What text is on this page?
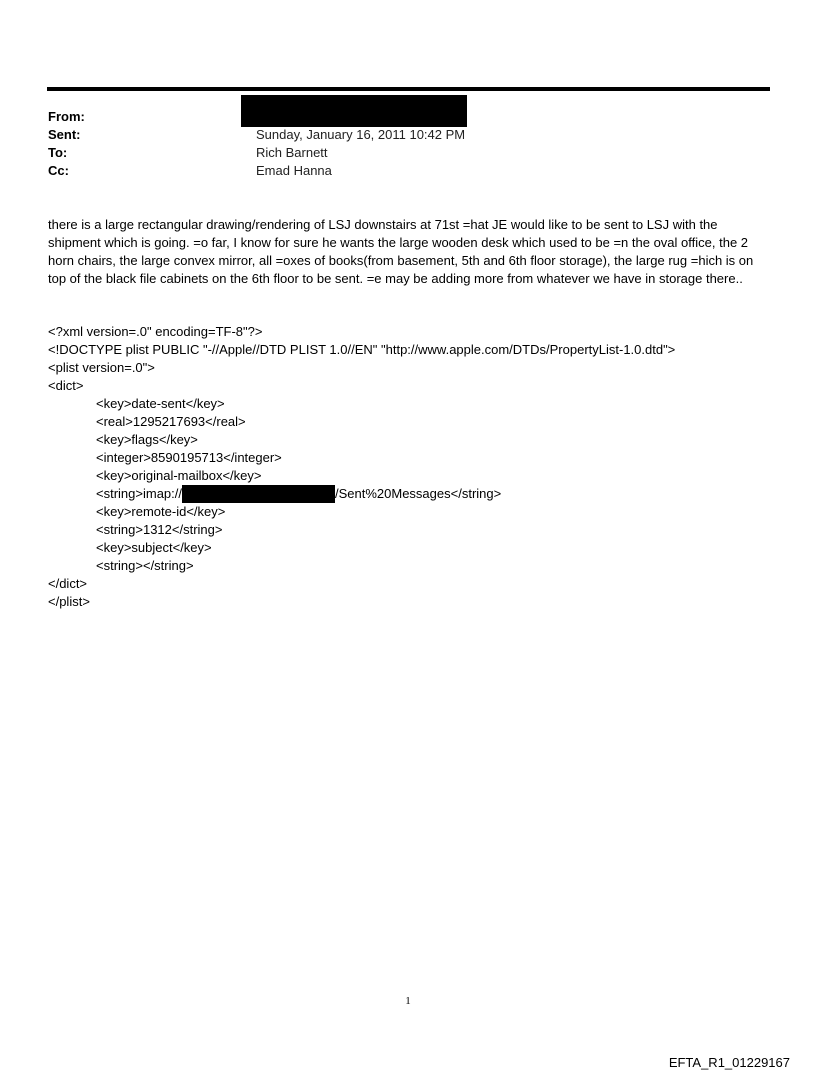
From:
Sent:	Sunday, January 16, 2011 10:42 PM
To:	Rich Barnett
Cc:	Emad Hanna

there is a large rectangular drawing/rendering of LSJ downstairs at 71st =hat JE would like to be sent to LSJ with the shipment which is going. =o far, I know for sure he wants the large wooden desk which used to be =n the oval office, the 2 horn chairs, the large convex mirror, all =oxes of books(from basement, 5th and 6th floor storage), the large rug =hich is on top of the black file cabinets on the 6th floor to be sent. =e may be adding more from whatever we have in storage there..

<?xml version=.0" encoding=TF-8"?>
<!DOCTYPE plist PUBLIC "-//Apple//DTD PLIST 1.0//EN" "http://www.apple.com/DTDs/PropertyList-1.0.dtd">
<plist version=.0">
<dict>
<key>date-sent</key>
<real>1295217693</real>
<key>flags</key>
<integer>8590195713</integer>
<key>original-mailbox</key>
<string>imap://	/Sent%20Messages</string>
<key>remote-id</key>
<string>1312</string>
<key>subject</key>
<string></string>
</dict>
</plist>
1
EFTA_R1_01229167
